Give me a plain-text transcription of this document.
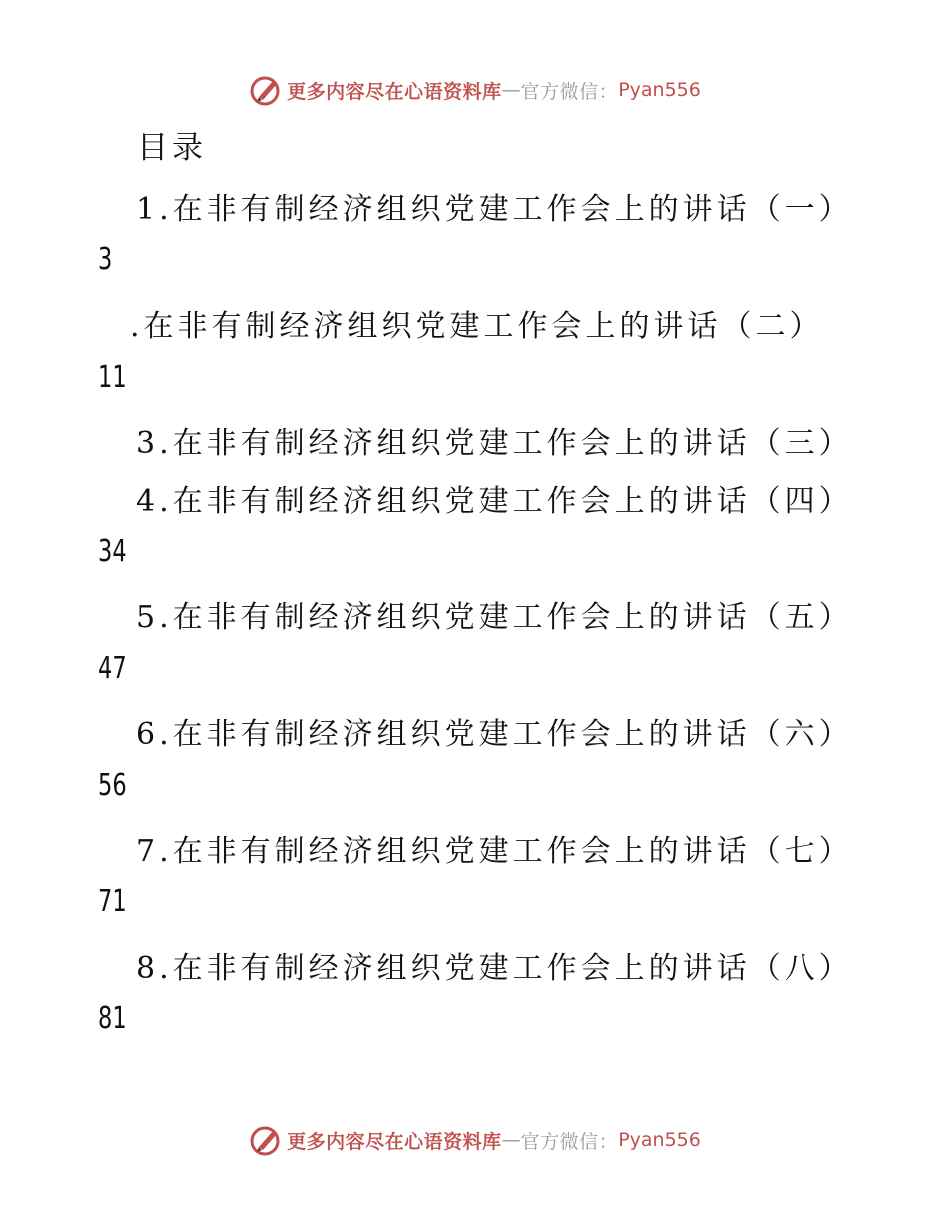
更多内容尽在心语资料库 — 官方微信： Pyan556
目录
1.在非有制经济组织党建工作会上的讲话（一）
3
.在非有制经济组织党建工作会上的讲话（二）
11
3.在非有制经济组织党建工作会上的讲话（三）
4.在非有制经济组织党建工作会上的讲话（四）
34
5.在非有制经济组织党建工作会上的讲话（五）
47
6.在非有制经济组织党建工作会上的讲话（六）
56
7.在非有制经济组织党建工作会上的讲话（七）
71
8.在非有制经济组织党建工作会上的讲话（八）
81
更多内容尽在心语资料库 — 官方微信： Pyan556
